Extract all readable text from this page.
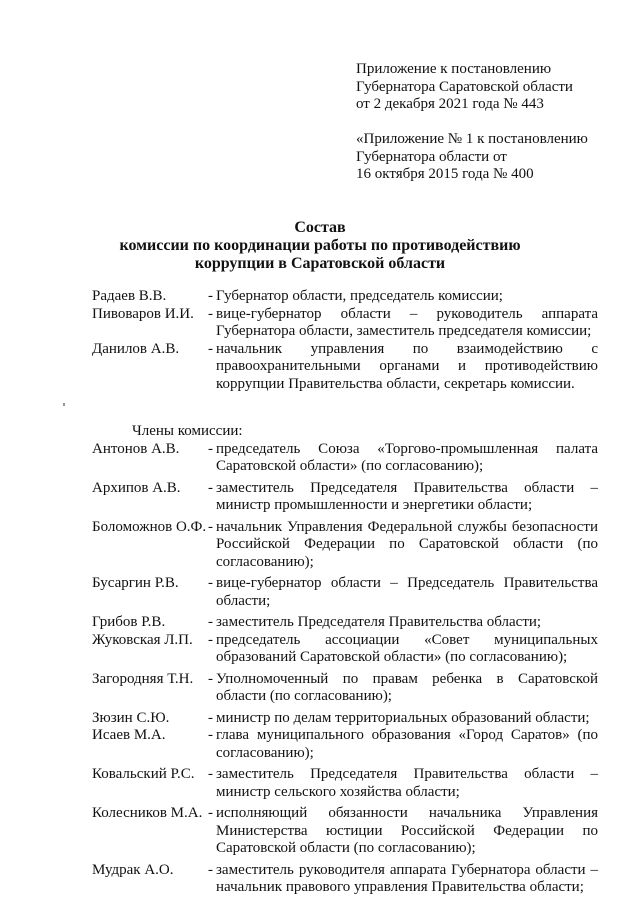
Приложение к постановлению
Губернатора Саратовской области
от 2 декабря 2021 года № 443
«Приложение № 1 к постановлению
Губернатора области от
16 октября 2015 года № 400
Состав
комиссии по координации работы по противодействию
коррупции в Саратовской области
Радаев В.В.	- Губернатор области, председатель комиссии;
Пивоваров И.И. - вице-губернатор области – руководитель аппарата Губернатора области, заместитель председателя комиссии;
Данилов А.В.	- начальник управления по взаимодействию с правоохранительными органами и противодействию коррупции Правительства области, секретарь комиссии.
Члены комиссии:
Антонов А.В.	- председатель Союза «Торгово-промышленная палата Саратовской области» (по согласованию);
Архипов А.В.	- заместитель Председателя Правительства области – министр промышленности и энергетики области;
Боломожнов О.Ф. - начальник Управления Федеральной службы безопасности Российской Федерации по Саратовской области (по согласованию);
Бусаргин Р.В.	- вице-губернатор области – Председатель Правительства области;
Грибов Р.В.	- заместитель Председателя Правительства области;
Жуковская Л.П.	- председатель ассоциации «Совет муниципальных образований Саратовской области» (по согласованию);
Загородняя Т.Н. - Уполномоченный по правам ребенка в Саратовской области (по согласованию);
Зюзин С.Ю.	- министр по делам территориальных образований области;
Исаев М.А.	- глава муниципального образования «Город Саратов» (по согласованию);
Ковальский Р.С. - заместитель Председателя Правительства области – министр сельского хозяйства области;
Колесников М.А. - исполняющий обязанности начальника Управления Министерства юстиции Российской Федерации по Саратовской области (по согласованию);
Мудрак А.О.	- заместитель руководителя аппарата Губернатора области – начальник правового управления Правительства области;
